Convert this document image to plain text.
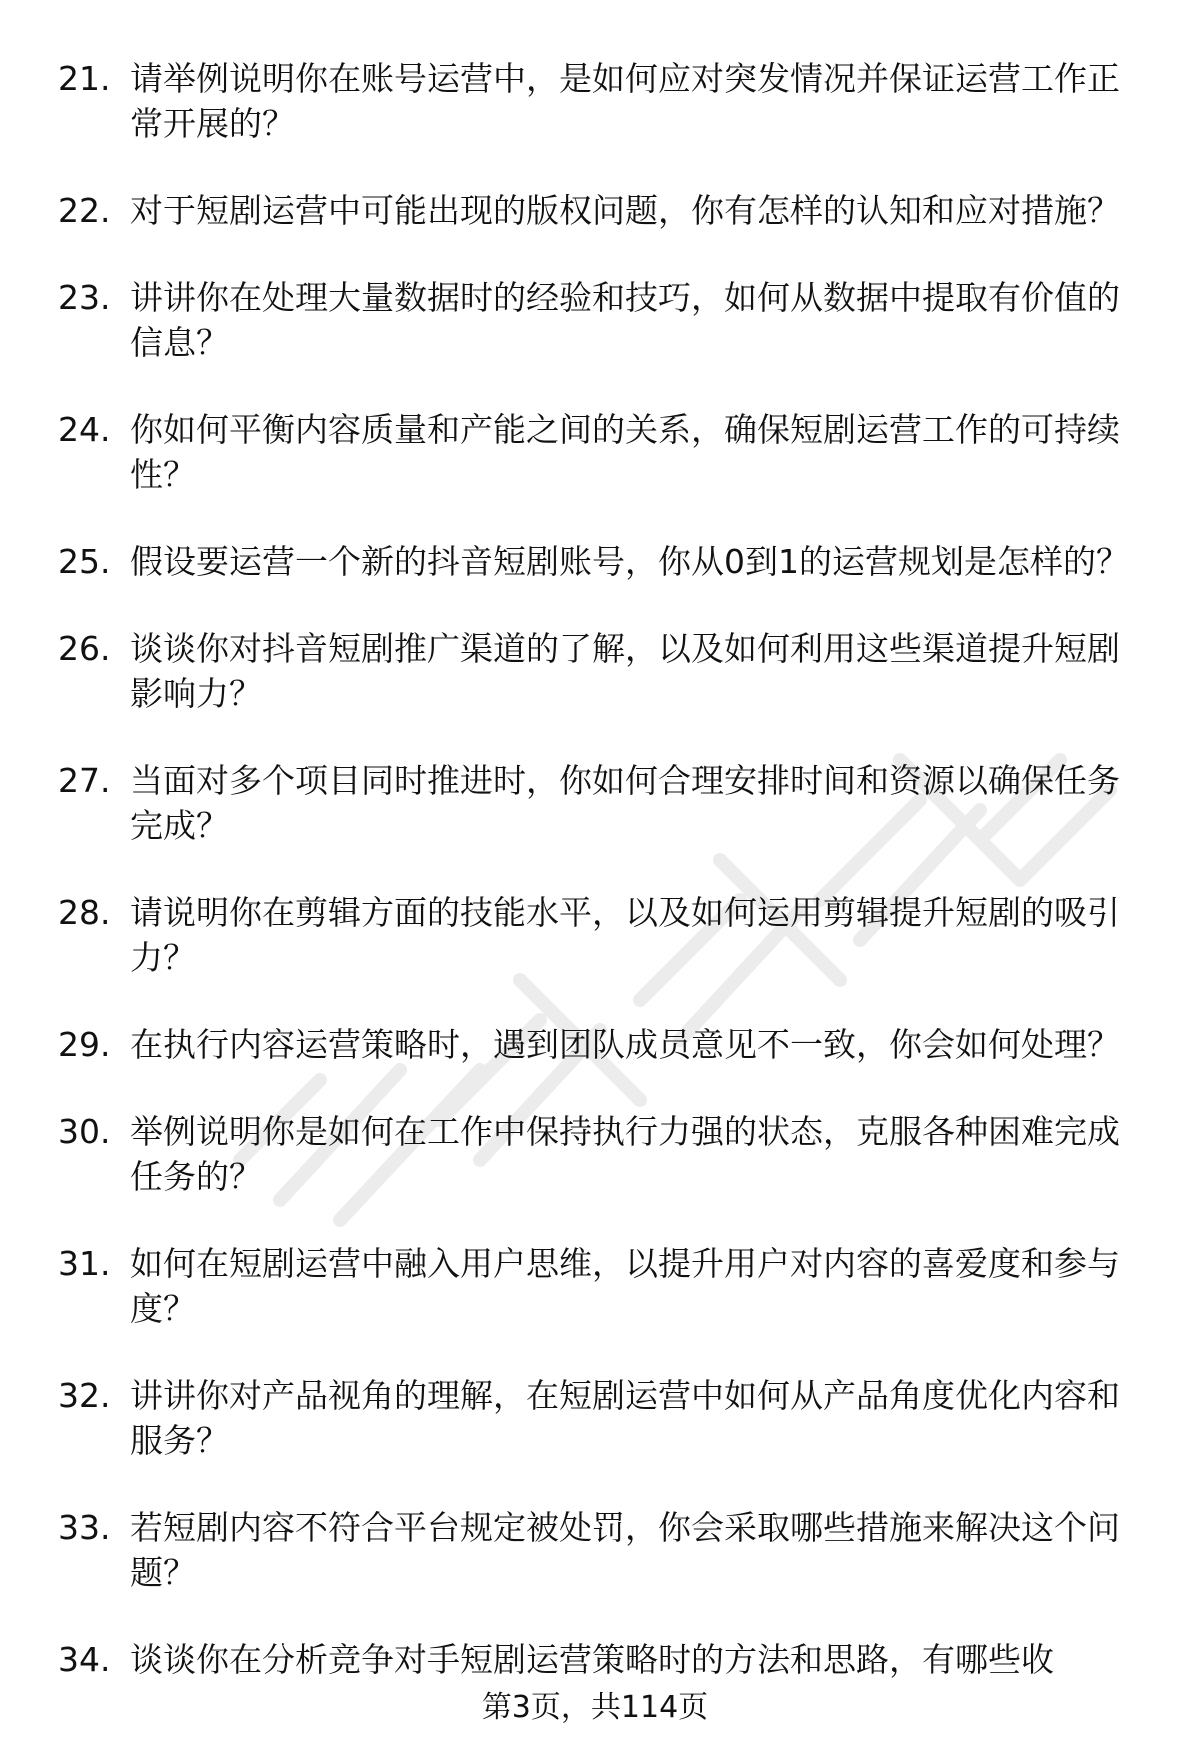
21. 请举例说明你在账号运营中，是如何应对突发情况并保证运营工作正常开展的？
22. 对于短剧运营中可能出现的版权问题，你有怎样的认知和应对措施？
23. 讲讲你在处理大量数据时的经验和技巧，如何从数据中提取有价值的信息？
24. 你如何平衡内容质量和产能之间的关系，确保短剧运营工作的可持续性？
25. 假设要运营一个新的抖音短剧账号，你从0到1的运营规划是怎样的？
26. 谈谈你对抖音短剧推广渠道的了解，以及如何利用这些渠道提升短剧影响力？
27. 当面对多个项目同时推进时，你如何合理安排时间和资源以确保任务完成？
28. 请说明你在剪辑方面的技能水平，以及如何运用剪辑提升短剧的吸引力？
29. 在执行内容运营策略时，遇到团队成员意见不一致，你会如何处理？
30. 举例说明你是如何在工作中保持执行力强的状态，克服各种困难完成任务的？
31. 如何在短剧运营中融入用户思维，以提升用户对内容的喜爱度和参与度？
32. 讲讲你对产品视角的理解，在短剧运营中如何从产品角度优化内容和服务？
33. 若短剧内容不符合平台规定被处罚，你会采取哪些措施来解决这个问题？
34. 谈谈你在分析竞争对手短剧运营策略时的方法和思路，有哪些收
第3页，共114页
